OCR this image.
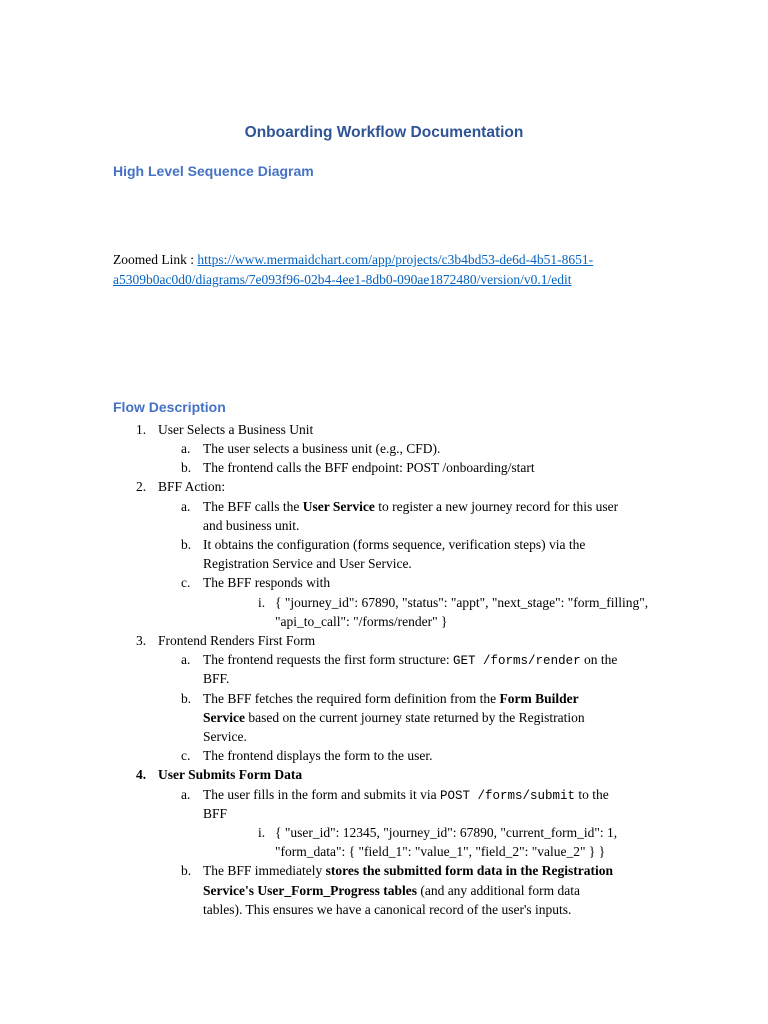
Onboarding Workflow Documentation
High Level Sequence Diagram
Zoomed Link : https://www.mermaidchart.com/app/projects/c3b4bd53-de6d-4b51-8651-
a5309b0ac0d0/diagrams/7e093f96-02b4-4ee1-8db0-090ae1872480/version/v0.1/edit
Flow Description
1. User Selects a Business Unit
a. The user selects a business unit (e.g., CFD).
b. The frontend calls the BFF endpoint: POST /onboarding/start
2. BFF Action:
a. The BFF calls the User Service to register a new journey record for this user
and business unit.
b. It obtains the configuration (forms sequence, verification steps) via the
Registration Service and User Service.
c. The BFF responds with
i. { "journey_id": 67890, "status": "appt", "next_stage": "form_filling",
"api_to_call": "/forms/render" }
3. Frontend Renders First Form
a. The frontend requests the first form structure: GET /forms/render on the
BFF.
b. The BFF fetches the required form definition from the Form Builder
Service based on the current journey state returned by the Registration
Service.
c. The frontend displays the form to the user.
4. User Submits Form Data
a. The user fills in the form and submits it via POST /forms/submit to the
BFF
i. { "user_id": 12345, "journey_id": 67890, "current_form_id": 1,
"form_data": { "field_1": "value_1", "field_2": "value_2" } }
b. The BFF immediately stores the submitted form data in the Registration
Service's User_Form_Progress tables (and any additional form data
tables). This ensures we have a canonical record of the user's inputs.
